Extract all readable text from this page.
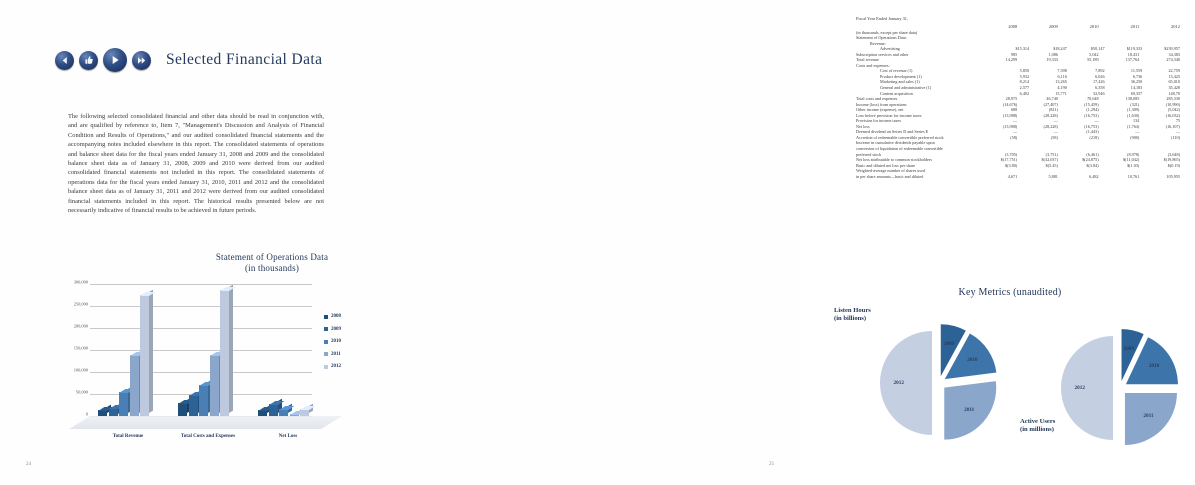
Selected Financial Data
The following selected consolidated financial and other data should be read in conjunction with, and are qualified by reference to, Item 7, "Management's Discussion and Analysis of Financial Condition and Results of Operations," and our audited consolidated financial statements and the accompanying notes included elsewhere in this report. The consolidated statements of operations and balance sheet data for the fiscal years ended January 31, 2008 and 2009 and the consolidated balance sheet data as of January 31, 2008, 2009 and 2010 were derived from our audited consolidated financial statements not included in this report. The consolidated statements of operations data for the fiscal years ended January 31, 2010, 2011 and 2012 and the consolidated balance sheet data as of January 31, 2011 and 2012 were derived from our audited consolidated financial statements included in this report. The historical results presented below are not necessarily indicative of financial results to be achieved in future periods.
Statement of Operations Data
(in thousands)
0
50,000
100,000
150,000
200,000
250,000
300,000
Total Revenue	Total Costs and Expenses	Net Loss
2008
2009
2010
2011
2012
24
Fiscal Year Ended January 31,
2008	2009	2010	2011	2012
(in thousands, except per share data)
Statement of Operations Data:
Revenue:
Advertising	$15,314	$18,247	$50,147	$119,333	$239,957
Subscription services and other	985	1,086	5,042	18,431	34,383
Total revenue	14,299	19,333	55,189	137,764	274,340
Costs and expenses:
Cost of revenue (1)	5,850	7,398	7,892	11,559	22,759
Product development (1)	5,932	6,116	6,026	6,736	13,425
Marketing and sales (1)	8,214	13,265	17,426	36,250	65,010
General and administrative (1)	2,577	4,190	6,358	14,183	35,428
Content acquisition	6,402	15,771	32,946	69,357	148,70
Total costs and expenses	28,975	46,740	70,648	138,085	285,330
Income (loss) from operations	(14,676)	(27,407)	(15,459)	(321)	(10,990)
Other income (expense), net	688	(821)	(1,294)	(1,309)	(5,042)
Loss before provision for income taxes	(13,988)	(28,228)	(16,753)	(1,630)	(16,032)
Provision for income taxes	—	—	—	134	75
Net loss	(13,988)	(28,228)	(16,753)	(1,764)	(16,107)
Deemed dividend on Series D and Series E	—	—	(1,443)	—	—
Accretion of redeemable convertible preferred stock	(58)	(58)	(218)	(900)	(110)
Increase in cumulative dividends payable upon
conversion of liquidation of redeemable convertible
preferred stock	(3,705)	(3,751)	(6,461)	(8,978)	(3,648)
Net loss attributable to common stockholders	$(17,751)	$(32,037)	$(24,875)	$(11,042)	$(19,865)
Basic and diluted net loss per share	$(3.80)	$(5.45)	$(3.84)	$(1.03)	$(0.19)
Weighted-average number of shares used
in per share amounts—basic and diluted	4,671	5,881	6,482	10,761	105,955
Key Metrics (unaudited)
2009
2010
2011
2012
Listen Hours
(in billions)
2009
2010
2011
2012
Active Users
(in millions)
25
